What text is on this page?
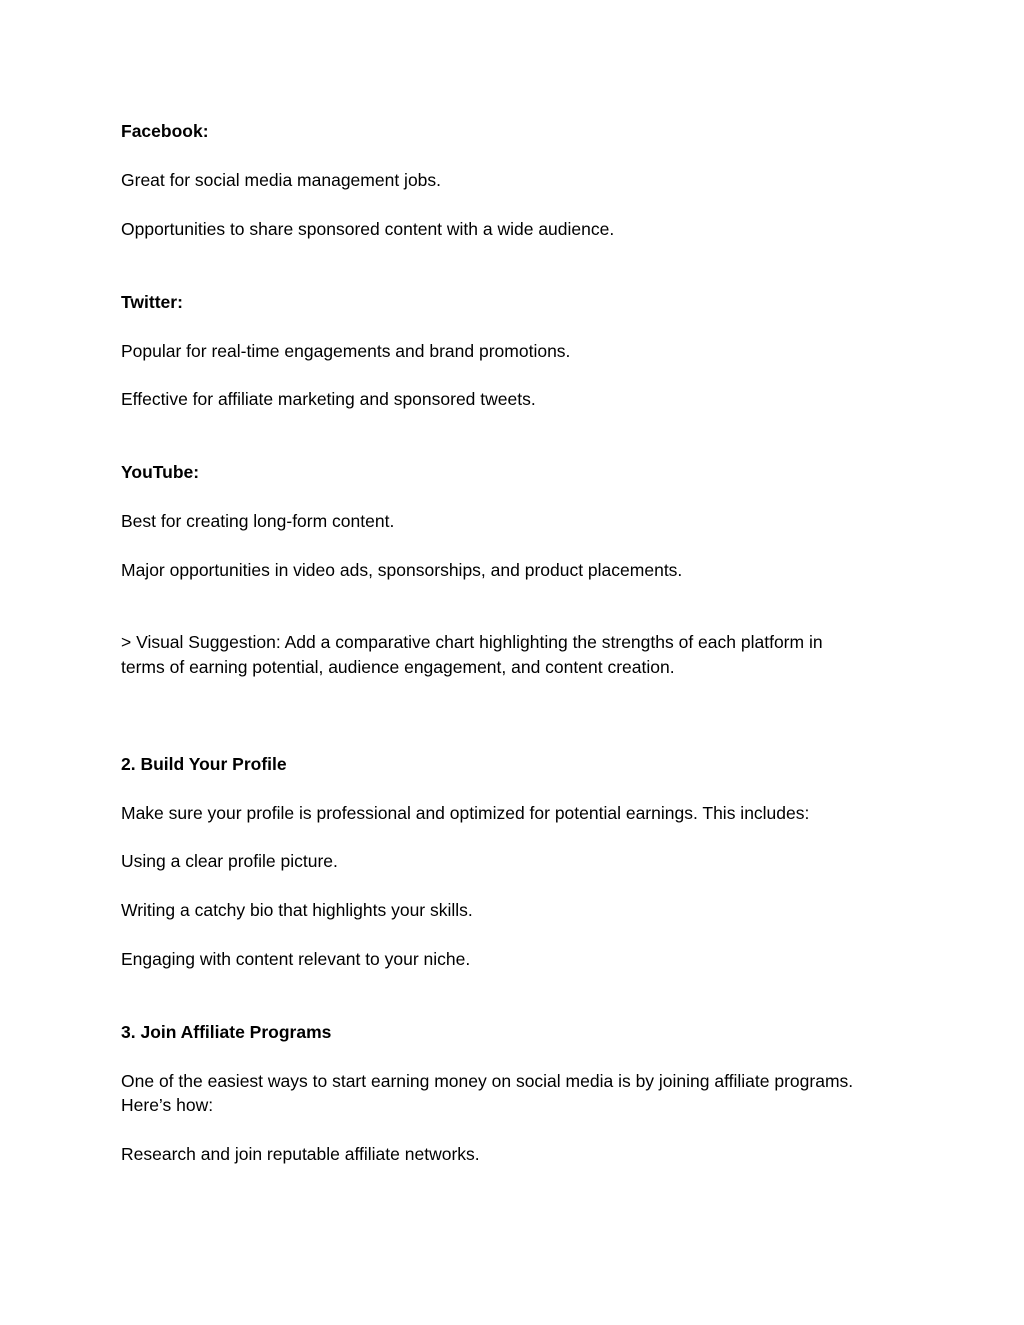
Facebook:

Great for social media management jobs.

Opportunities to share sponsored content with a wide audience.

Twitter:

Popular for real-time engagements and brand promotions.

Effective for affiliate marketing and sponsored tweets.

YouTube:

Best for creating long-form content.

Major opportunities in video ads, sponsorships, and product placements.

> Visual Suggestion: Add a comparative chart highlighting the strengths of each platform in

terms of earning potential, audience engagement, and content creation.

2. Build Your Profile

Make sure your profile is professional and optimized for potential earnings. This includes:

Using a clear profile picture.

Writing a catchy bio that highlights your skills.

Engaging with content relevant to your niche.

3. Join Affiliate Programs

One of the easiest ways to start earning money on social media is by joining affiliate programs.

Here’s how:

Research and join reputable affiliate networks.
